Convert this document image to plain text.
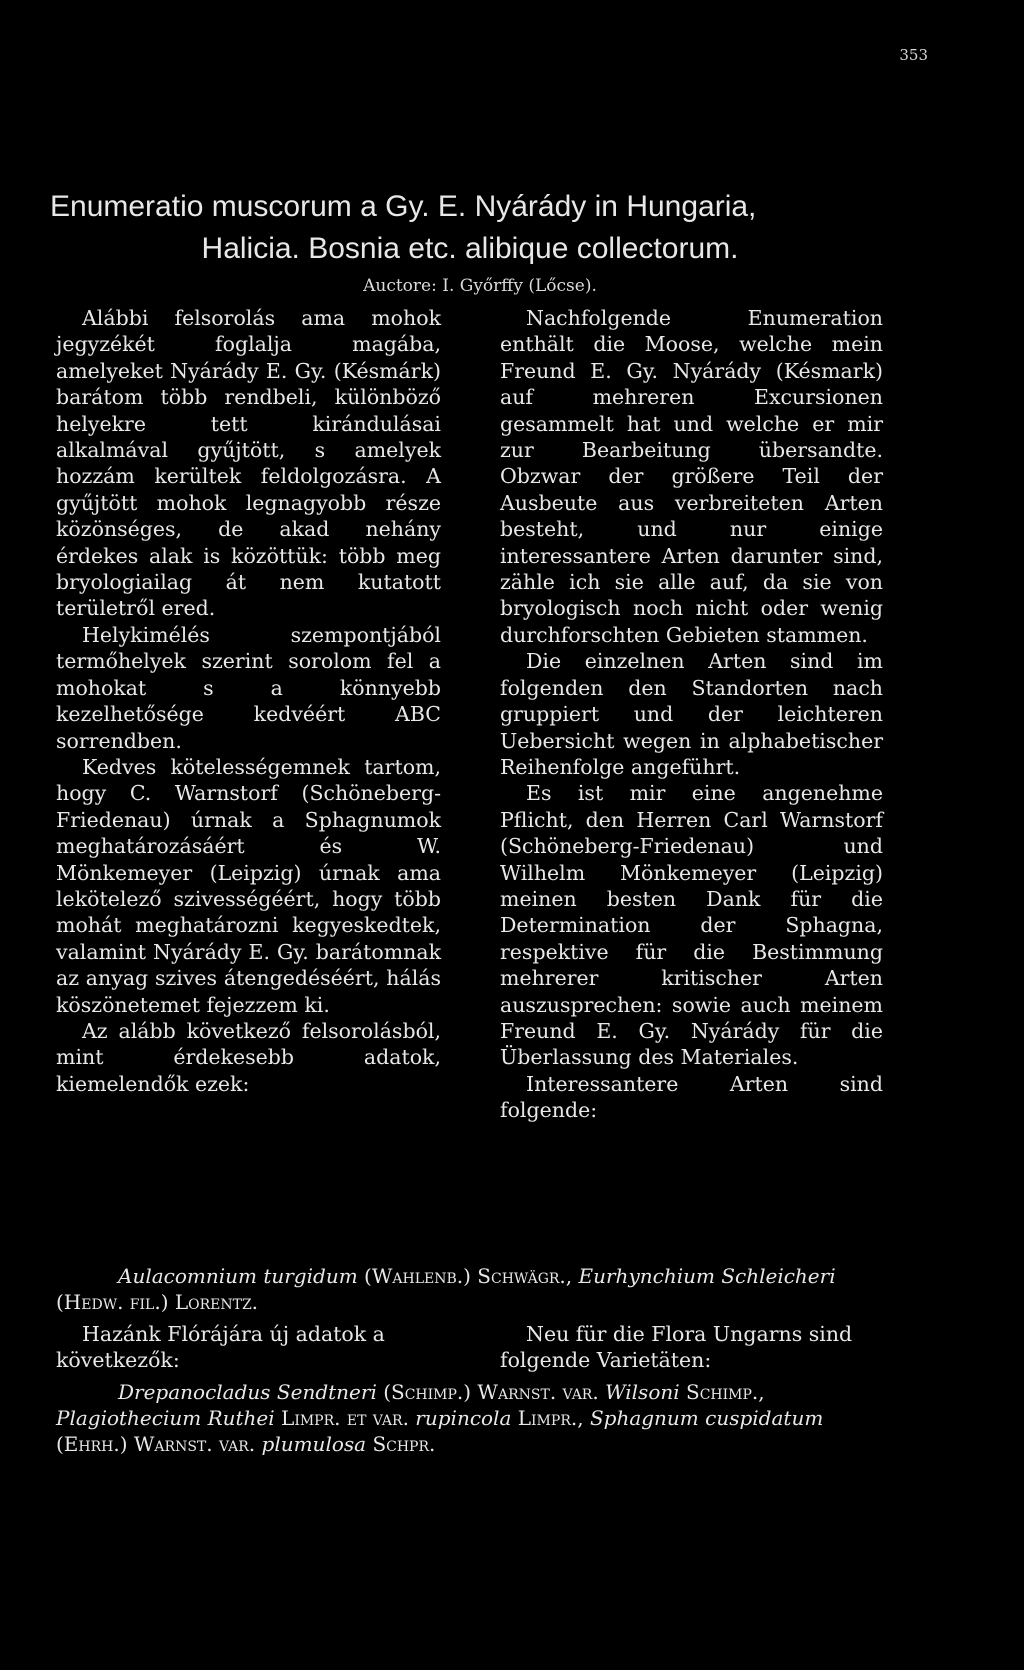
353
Enumeratio muscorum a Gy. E. Nyárády in Hungaria,
Halicia. Bosnia etc. alibique collectorum.
Auctore: I. Győrffy (Lőcse).

Alábbi felsorolás ama mohok jegyzékét foglalja magába, amelyeket Nyárády E. Gy. (Késmárk) barátom több rendbeli, különböző helyekre tett kirándulásai alkalmával gyűjtött, s amelyek hozzám kerültek feldolgozásra. A gyűjtött mohok legnagyobb része közönséges, de akad nehány érdekes alak is közöttük: több meg bryologiailag át nem kutatott területről ered.

Helykimélés szempontjából termőhelyek szerint sorolom fel a mohokat s a könnyebb kezelhetősége kedvéért ABC sorrendben.

Kedves kötelességemnek tartom, hogy C. Warnstorf (Schöneberg-Friedenau) úrnak a Sphagnumok meghatározásáért és W. Mönkemeyer (Leipzig) úrnak ama lekötelező szivességéért, hogy több mohát meghatározni kegyeskedtek, valamint Nyárády E. Gy. barátomnak az anyag szives átengedéséért, hálás köszönetemet fejezzem ki.

Az alább következő felsorolásból, mint érdekesebb adatok, kiemelendők ezek:

Nachfolgende Enumeration enthält die Moose, welche mein Freund E. Gy. Nyárády (Késmark) auf mehreren Excursionen gesammelt hat und welche er mir zur Bearbeitung übersandte. Obzwar der größere Teil der Ausbeute aus verbreiteten Arten besteht, und nur einige interessantere Arten darunter sind, zähle ich sie alle auf, da sie von bryologisch noch nicht oder wenig durchforschten Gebieten stammen.

Die einzelnen Arten sind im folgenden den Standorten nach gruppiert und der leichteren Uebersicht wegen in alphabetischer Reihenfolge angeführt.

Es ist mir eine angenehme Pflicht, den Herren Carl Warnstorf (Schöneberg-Friedenau) und Wilhelm Mönkemeyer (Leipzig) meinen besten Dank für die Determination der Sphagna, respektive für die Bestimmung mehrerer kritischer Arten auszusprechen: sowie auch meinem Freund E. Gy. Nyárády für die Überlassung des Materiales.

Interessantere Arten sind folgende:

Aulacomnium turgidum (Wahlenb.) Schwägr., Eurhynchium Schleicheri (Hedw. fil.) Lorentz.
Hazánk Flórájára új adatok a következők:
Neu für die Flora Ungarns sind folgende Varietäten:
Drepanocladus Sendtneri (Schimp.) Warnst. var. Wilsoni Schimp., Plagiothecium Ruthei Limpr. et var. rupincola Limpr., Sphagnum cuspidatum (Ehrh.) Warnst. var. plumulosa Schpr.
